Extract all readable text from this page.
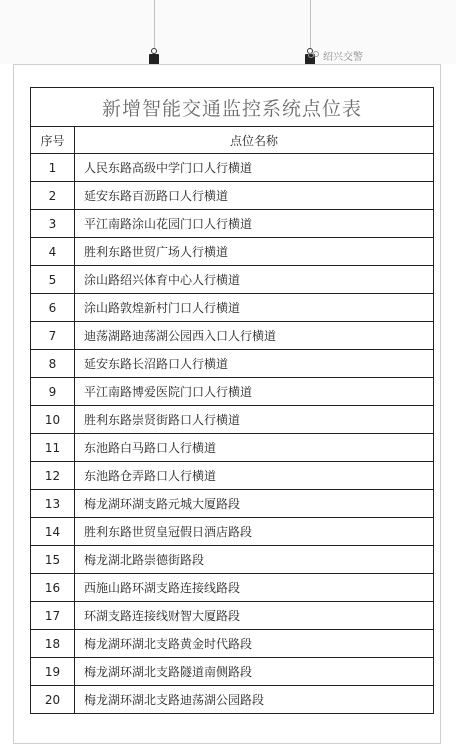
绍兴交警
新增智能交通监控系统点位表	
序号	点位名称
1	人民东路高级中学门口人行横道
2	延安东路百沥路口人行横道
3	平江南路涂山花园门口人行横道
4	胜利东路世贸广场人行横道
5	涂山路绍兴体育中心人行横道
6	涂山路敦煌新村门口人行横道
7	迪荡湖路迪荡湖公园西入口人行横道
8	延安东路长沼路口人行横道
9	平江南路博爱医院门口人行横道
10	胜利东路崇贤街路口人行横道
11	东池路白马路口人行横道
12	东池路仓弄路口人行横道
13	梅龙湖环湖支路元城大厦路段
14	胜利东路世贸皇冠假日酒店路段
15	梅龙湖北路崇德街路段
16	西施山路环湖支路连接线路段
17	环湖支路连接线财智大厦路段
18	梅龙湖环湖北支路黄金时代路段
19	梅龙湖环湖北支路隧道南侧路段
20	梅龙湖环湖北支路迪荡湖公园路段
